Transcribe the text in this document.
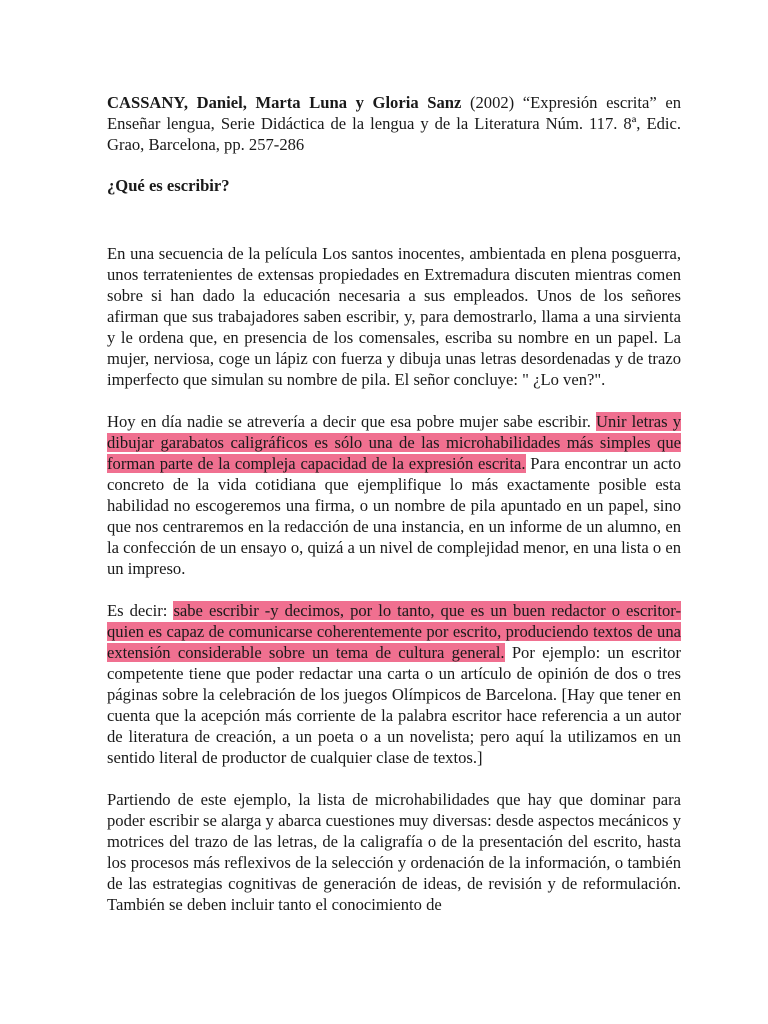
CASSANY, Daniel, Marta Luna y Gloria Sanz (2002) “Expresión escrita” en Enseñar lengua, Serie Didáctica de la lengua y de la Literatura Núm. 117. 8ª, Edic. Grao, Barcelona, pp. 257-286

¿Qué es escribir?

En una secuencia de la película Los santos inocentes, ambientada en plena posguerra, unos terratenientes de extensas propiedades en Extremadura discuten mientras comen sobre si han dado la educación necesaria a sus empleados. Unos de los señores afirman que sus trabajadores saben escribir, y, para demostrarlo, llama a una sirvienta y le ordena que, en presencia de los comensales, escriba su nombre en un papel. La mujer, nerviosa, coge un lápiz con fuerza y dibuja unas letras desordenadas y de trazo imperfecto que simulan su nombre de pila. El señor concluye: " ¿Lo ven?".

Hoy en día nadie se atrevería a decir que esa pobre mujer sabe escribir. Unir letras y dibujar garabatos caligráficos es sólo una de las microhabilidades más simples que forman parte de la compleja capacidad de la expresión escrita. Para encontrar un acto concreto de la vida cotidiana que ejemplifique lo más exactamente posible esta habilidad no escogeremos una firma, o un nombre de pila apuntado en un papel, sino que nos centraremos en la redacción de una instancia, en un informe de un alumno, en la confección de un ensayo o, quizá a un nivel de complejidad menor, en una lista o en un impreso.

Es decir: sabe escribir -y decimos, por lo tanto, que es un buen redactor o escritor- quien es capaz de comunicarse coherentemente por escrito, produciendo textos de una extensión considerable sobre un tema de cultura general. Por ejemplo: un escritor competente tiene que poder redactar una carta o un artículo de opinión de dos o tres páginas sobre la celebración de los juegos Olímpicos de Barcelona. [Hay que tener en cuenta que la acepción más corriente de la palabra escritor hace referencia a un autor de literatura de creación, a un poeta o a un novelista; pero aquí la utilizamos en un sentido literal de productor de cualquier clase de textos.]

Partiendo de este ejemplo, la lista de microhabilidades que hay que dominar para poder escribir se alarga y abarca cuestiones muy diversas: desde aspectos mecánicos y motrices del trazo de las letras, de la caligrafía o de la presentación del escrito, hasta los procesos más reflexivos de la selección y ordenación de la información, o también de las estrategias cognitivas de generación de ideas, de revisión y de reformulación. También se deben incluir tanto el conocimiento de
